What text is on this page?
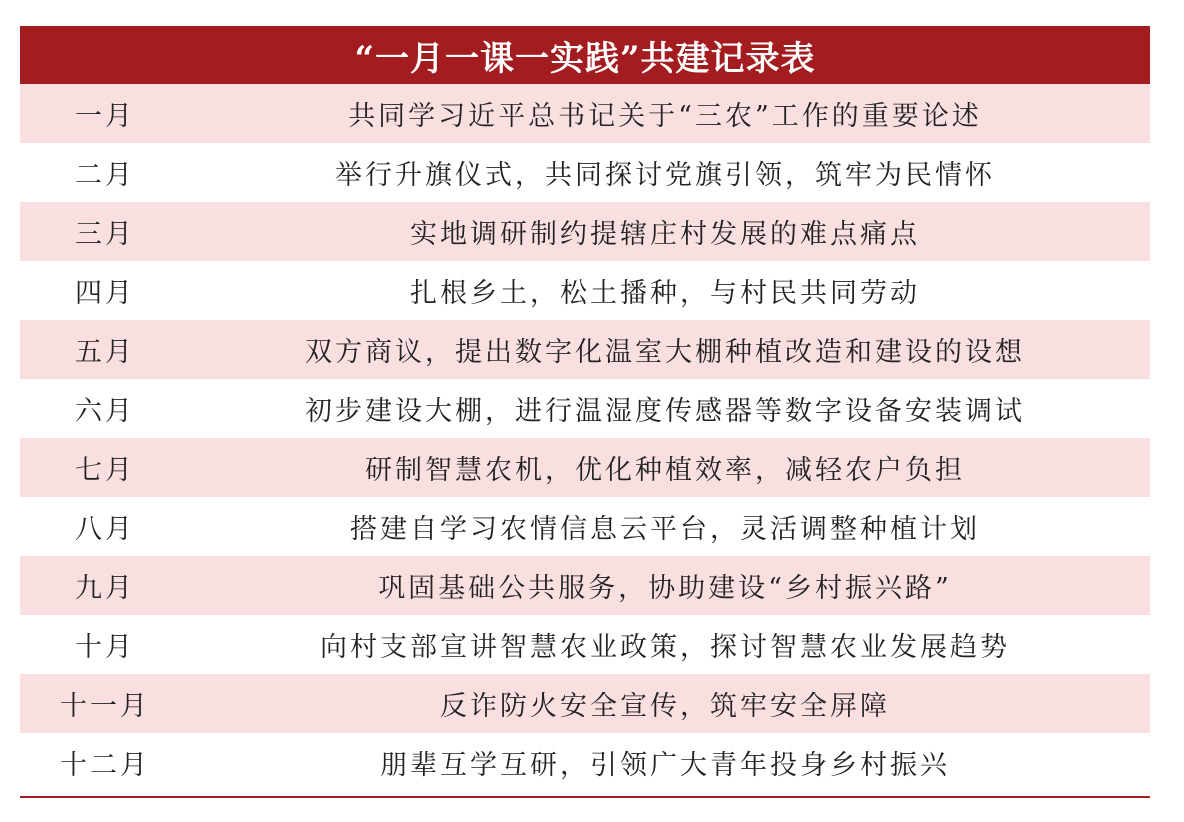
“一月一课一实践”共建记录表
一月	共同学习近平总书记关于“三农”工作的重要论述
二月	举行升旗仪式，共同探讨党旗引领，筑牢为民情怀
三月	实地调研制约提辖庄村发展的难点痛点
四月	扎根乡土，松土播种，与村民共同劳动
五月	双方商议，提出数字化温室大棚种植改造和建设的设想
六月	初步建设大棚，进行温湿度传感器等数字设备安装调试
七月	研制智慧农机，优化种植效率，减轻农户负担
八月	搭建自学习农情信息云平台，灵活调整种植计划
九月	巩固基础公共服务，协助建设“乡村振兴路”
十月	向村支部宣讲智慧农业政策，探讨智慧农业发展趋势
十一月	反诈防火安全宣传，筑牢安全屏障
十二月	朋辈互学互研，引领广大青年投身乡村振兴
